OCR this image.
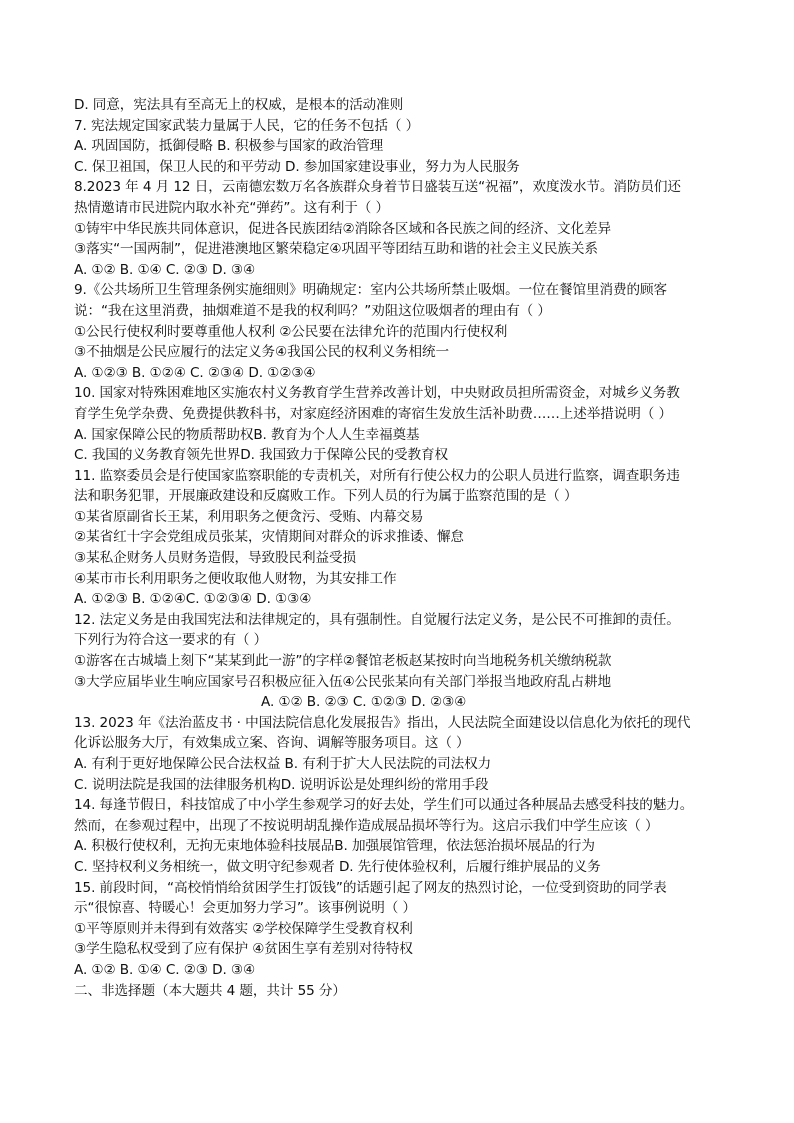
D. 同意，宪法具有至高无上的权威，是根本的活动准则
7. 宪法规定国家武装力量属于人民，它的任务不包括（ ）
A. 巩固国防，抵御侵略 B. 积极参与国家的政治管理
C. 保卫祖国，保卫人民的和平劳动 D. 参加国家建设事业，努力为人民服务
8.2023 年 4 月 12 日，云南德宏数万名各族群众身着节日盛装互送“祝福”，欢度泼水节。消防员们还
热情邀请市民进院内取水补充“弹药”。这有利于（ ）
①铸牢中华民族共同体意识，促进各民族团结②消除各区域和各民族之间的经济、文化差异
③落实“一国两制”，促进港澳地区繁荣稳定④巩固平等团结互助和谐的社会主义民族关系
A. ①② B. ①④ C. ②③ D. ③④
9.《公共场所卫生管理条例实施细则》明确规定：室内公共场所禁止吸烟。一位在餐馆里消费的顾客
说：“我在这里消费，抽烟难道不是我的权利吗？”劝阻这位吸烟者的理由有（ ）
①公民行使权利时要尊重他人权利 ②公民要在法律允许的范围内行使权利
③不抽烟是公民应履行的法定义务④我国公民的权利义务相统一
A. ①②③ B. ①②④ C. ②③④ D. ①②③④
10. 国家对特殊困难地区实施农村义务教育学生营养改善计划，中央财政员担所需资金，对城乡义务教
育学生免学杂费、免费提供教科书，对家庭经济困难的寄宿生发放生活补助费……上述举措说明（ ）
A. 国家保障公民的物质帮助权B. 教育为个人人生幸福奠基
C. 我国的义务教育领先世界D. 我国致力于保障公民的受教育权
11. 监察委员会是行使国家监察职能的专责机关，对所有行使公权力的公职人员进行监察，调查职务违
法和职务犯罪，开展廉政建设和反腐败工作。下列人员的行为属于监察范围的是（ ）
①某省原副省长王某，利用职务之便贪污、受贿、内幕交易
②某省红十字会党组成员张某，灾情期间对群众的诉求推诿、懈怠
③某私企财务人员财务造假，导致股民利益受损
④某市市长利用职务之便收取他人财物，为其安排工作
A. ①②③ B. ①②④C. ①②③④ D. ①③④
12. 法定义务是由我国宪法和法律规定的，具有强制性。自觉履行法定义务，是公民不可推卸的责任。
下列行为符合这一要求的有（ ）
①游客在古城墙上刻下“某某到此一游”的字样②餐馆老板赵某按时向当地税务机关缴纳税款
③大学应届毕业生响应国家号召积极应征入伍④公民张某向有关部门举报当地政府乱占耕地
A. ①② B. ②③ C. ①②③ D. ②③④
13. 2023 年《法治蓝皮书 · 中国法院信息化发展报告》指出，人民法院全面建设以信息化为依托的现代
化诉讼服务大厅，有效集成立案、咨询、调解等服务项目。这（ ）
A. 有利于更好地保障公民合法权益 B. 有利于扩大人民法院的司法权力
C. 说明法院是我国的法律服务机构D. 说明诉讼是处理纠纷的常用手段
14. 每逢节假日，科技馆成了中小学生参观学习的好去处，学生们可以通过各种展品去感受科技的魅力。
然而，在参观过程中，出现了不按说明胡乱操作造成展品损坏等行为。这启示我们中学生应该（ ）
A. 积极行使权利，无拘无束地体验科技展品B. 加强展馆管理，依法惩治损坏展品的行为
C. 坚持权利义务相统一，做文明守纪参观者 D. 先行使体验权利，后履行维护展品的义务
15. 前段时间，“高校悄悄给贫困学生打饭钱”的话题引起了网友的热烈讨论，一位受到资助的同学表
示“很惊喜、特暖心！会更加努力学习”。该事例说明（ ）
①平等原则并未得到有效落实 ②学校保障学生受教育权利
③学生隐私权受到了应有保护 ④贫困生享有差别对待特权
A. ①② B. ①④ C. ②③ D. ③④
二、非选择题（本大题共 4 题，共计 55 分）
